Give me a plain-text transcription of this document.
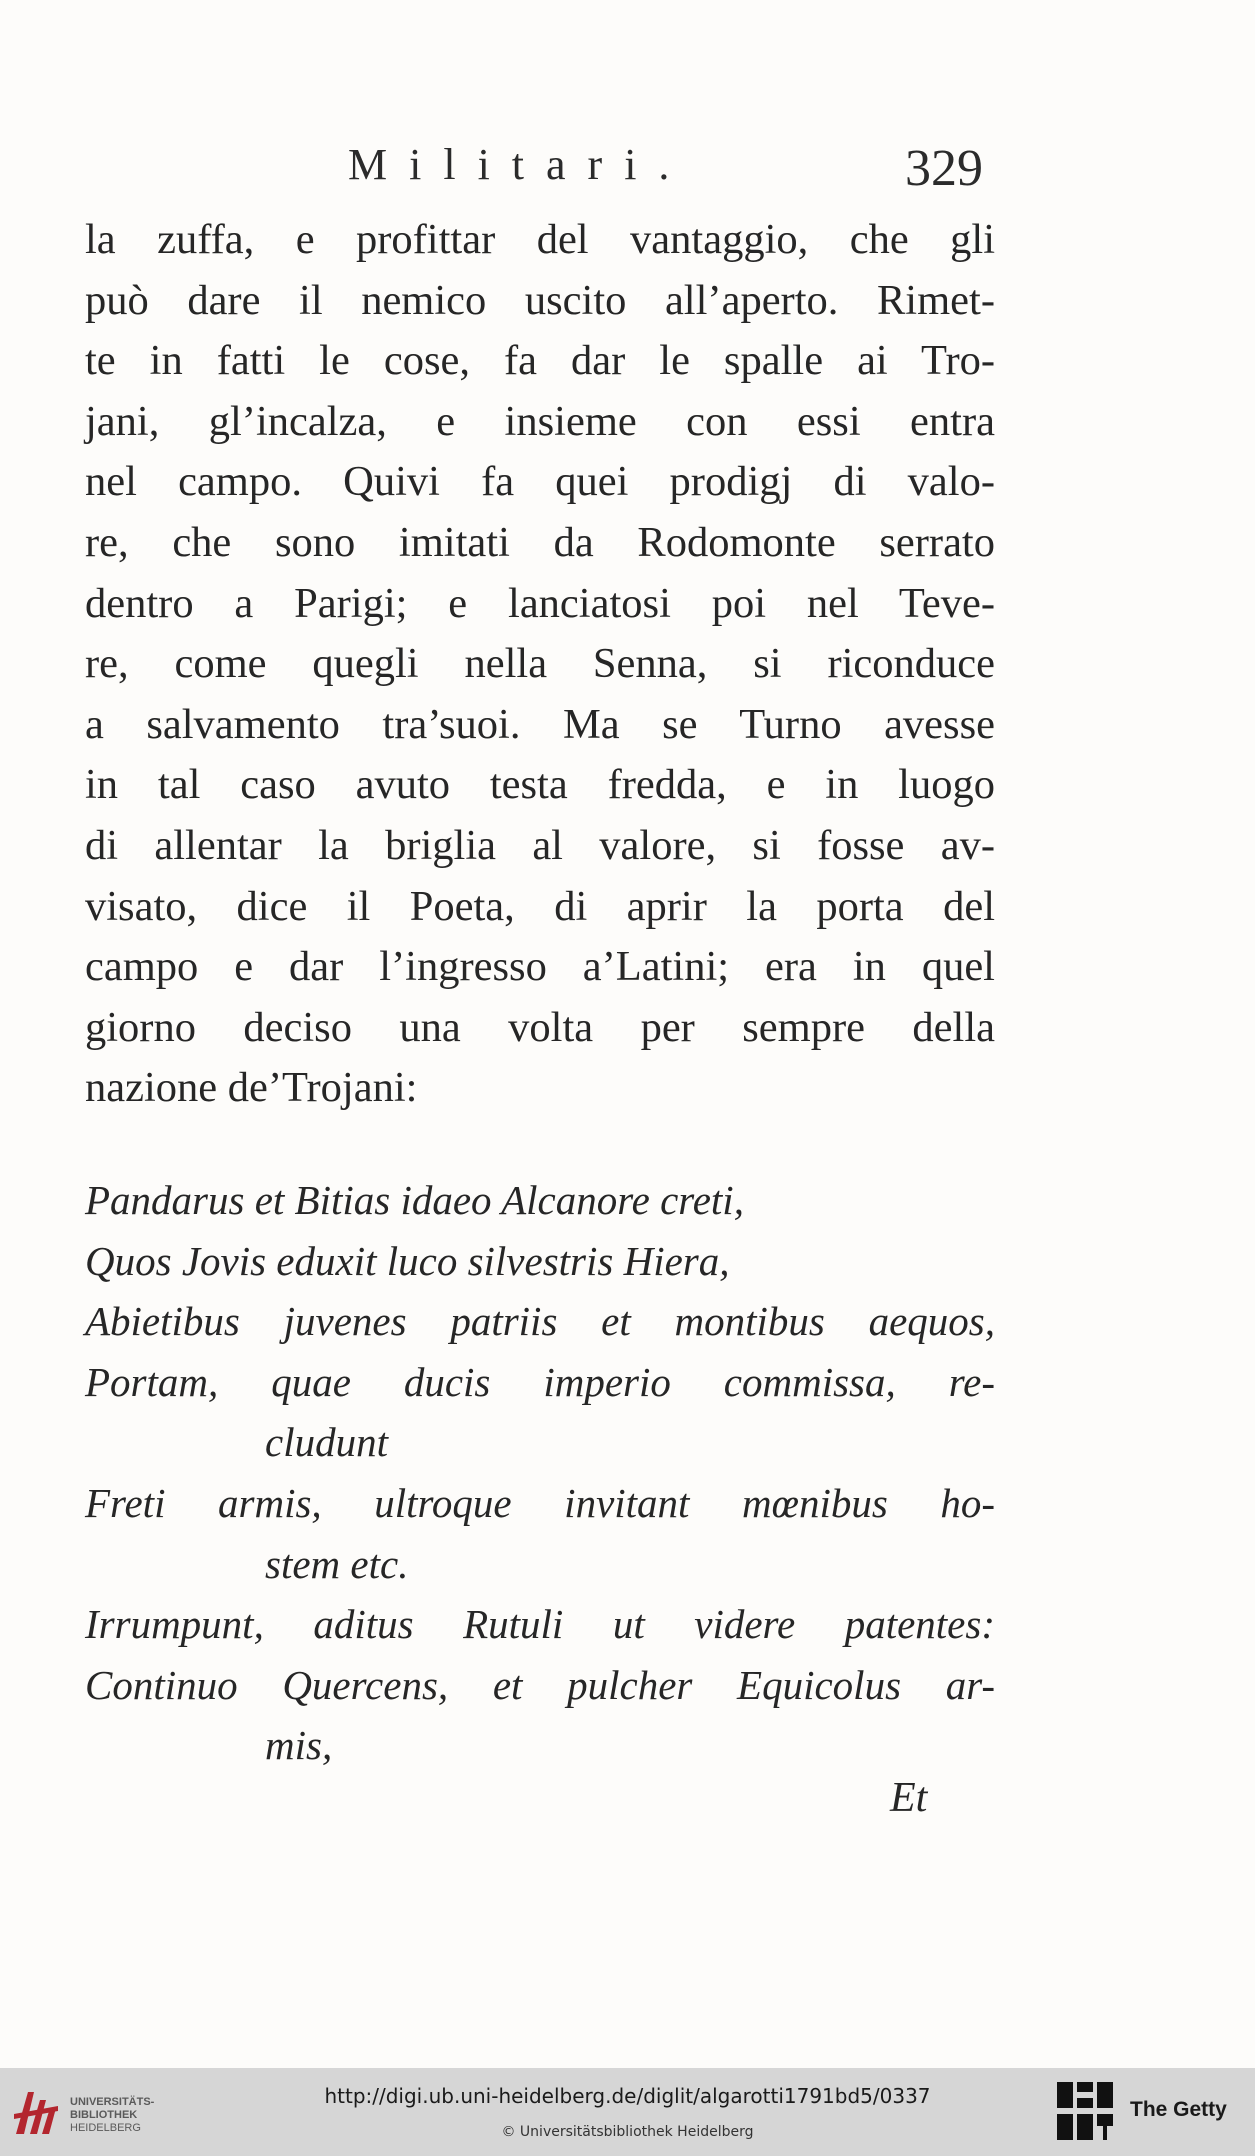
Militari.	329
la zuffa, e profittar del vantaggio, che gli
può dare il nemico uscito all’aperto. Rimet-
te in fatti le cose, fa dar le spalle ai Tro-
jani, gl’incalza, e insieme con essi entra
nel campo. Quivi fa quei prodigj di valo-
re, che sono imitati da Rodomonte serrato
dentro a Parigi; e lanciatosi poi nel Teve-
re, come quegli nella Senna, si riconduce
a salvamento tra’suoi. Ma se Turno avesse
in tal caso avuto testa fredda, e in luogo
di allentar la briglia al valore, si fosse av-
visato, dice il Poeta, di aprir la porta del
campo e dar l’ingresso a’Latini; era in quel
giorno deciso una volta per sempre della
nazione de’Trojani:
Pandarus et Bitias idaeo Alcanore creti,
Quos Jovis eduxit luco silvestris Hiera,
Abietibus juvenes patriis et montibus aequos,
Portam, quae ducis imperio commissa, re-
cludunt
Freti armis, ultroque invitant mœnibus ho-
stem etc.
Irrumpunt, aditus Rutuli ut videre patentes:
Continuo Quercens, et pulcher Equicolus ar-
mis,
Et
UNIVERSITÄTS-
BIBLIOTHEK
HEIDELBERG
http://digi.ub.uni-heidelberg.de/diglit/algarotti1791bd5/0337
© Universitätsbibliothek Heidelberg
The Getty
